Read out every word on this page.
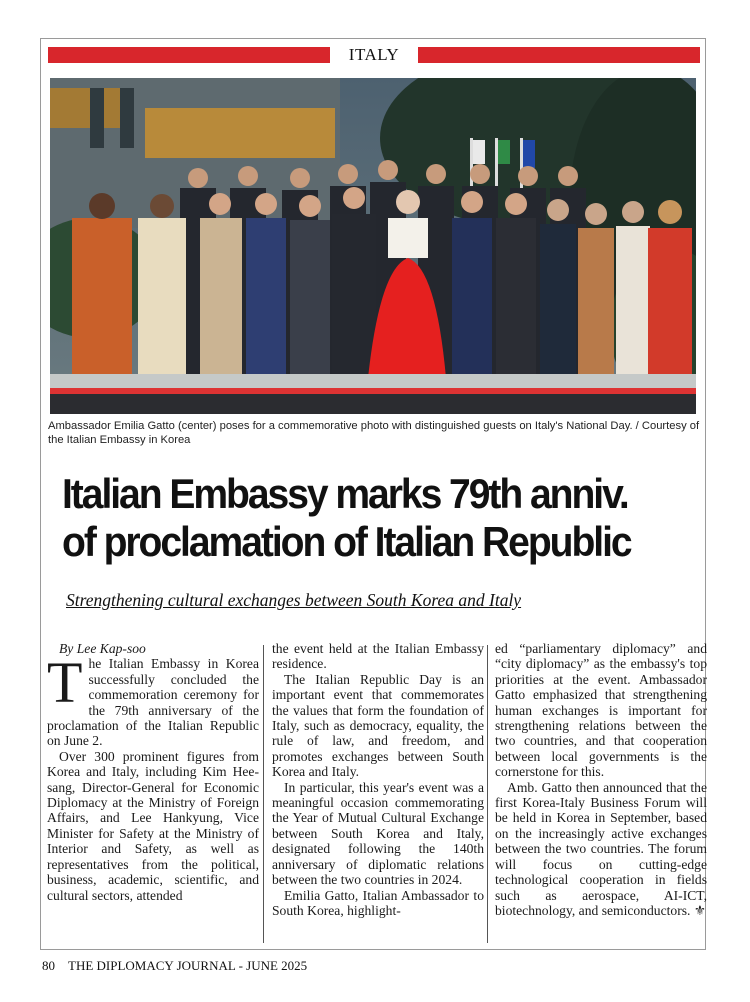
ITALY
Ambassador Emilia Gatto (center) poses for a commemorative photo with distinguished guests on Italy's National Day. / Courtesy of the Italian Embassy in Korea
Italian Embassy marks 79th anniv. of proclamation of Italian Republic
Strengthening cultural exchanges between South Korea and Italy

By Lee Kap-soo

The Italian Embassy in Korea successfully concluded the commemoration ceremony for the 79th anniversary of the proclamation of the Italian Republic on June 2.

Over 300 prominent figures from Korea and Italy, including Kim Hee-sang, Director-General for Economic Diplomacy at the Ministry of Foreign Affairs, and Lee Hankyung, Vice Minister for Safety at the Ministry of Interior and Safety, as well as representatives from the political, business, academic, scientific, and cultural sectors, attended

the event held at the Italian Embassy residence.

The Italian Republic Day is an important event that commemorates the values that form the foundation of Italy, such as democracy, equality, the rule of law, and freedom, and promotes exchanges between South Korea and Italy.

In particular, this year's event was a meaningful occasion commemorating the Year of Mutual Cultural Exchange between South Korea and Italy, designated following the 140th anniversary of diplomatic relations between the two countries in 2024.

Emilia Gatto, Italian Ambassador to South Korea, highlight-

ed “parliamentary diplomacy” and “city diplomacy” as the embassy's top priorities at the event. Ambassador Gatto emphasized that strengthening human exchanges is important for strengthening relations between the two countries, and that cooperation between local governments is the cornerstone for this.

Amb. Gatto then announced that the first Korea-Italy Business Forum will be held in Korea in September, based on the increasingly active exchanges between the two countries. The forum will focus on cutting-edge technological cooperation in fields such as aerospace, AI-ICT, biotechnology, and semiconductors. ⚜

80 THE DIPLOMACY JOURNAL - JUNE 2025
